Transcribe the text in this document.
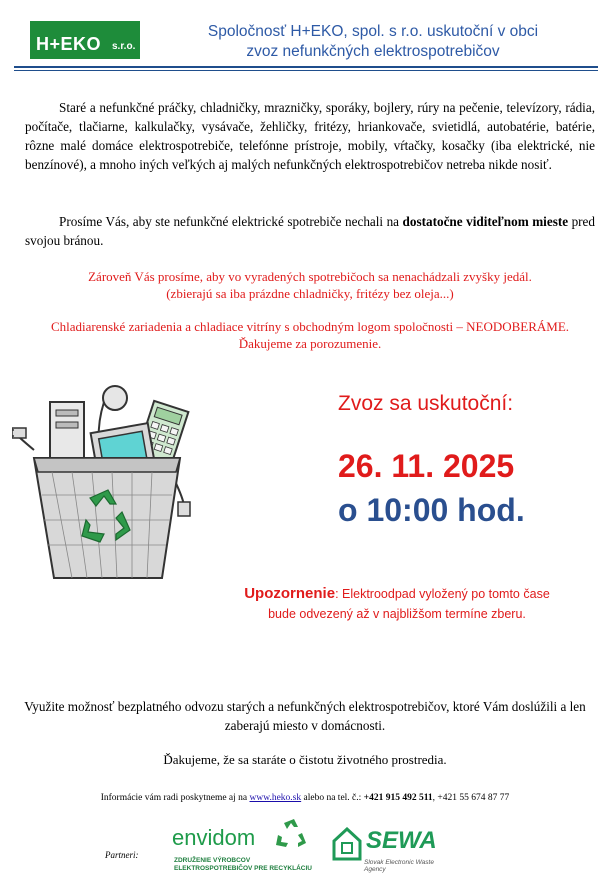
H+EKO s.r.o.
Spoločnosť H+EKO, spol. s r.o. uskutoční v obci
zvoz nefunkčných elektrospotrebičov
Staré a nefunkčné práčky, chladničky, mrazničky, sporáky, bojlery, rúry na pečenie, televízory, rádia, počítače, tlačiarne, kalkulačky, vysávače, žehličky, fritézy, hriankovače, svietidlá, autobatérie, batérie, rôzne malé domáce elektrospotrebiče, telefónne prístroje, mobily, vŕtačky, kosačky (iba elektrické, nie benzínové), a mnoho iných veľkých aj malých nefunkčných elektrospotrebičov netreba nikde nosiť.
Prosíme Vás, aby ste nefunkčné elektrické spotrebiče nechali na dostatočne viditeľnom mieste pred svojou bránou.
Zároveň Vás prosíme, aby vo vyradených spotrebičoch sa nenachádzali zvyšky jedál.
(zbierajú sa iba prázdne chladničky, fritézy bez oleja...)
Chladiarenské zariadenia a chladiace vitríny s obchodným logom spoločnosti – NEODOBERÁME.
Ďakujeme za porozumenie.
Zvoz sa uskutoční:
26. 11. 2025
o 10:00 hod.
Upozornenie: Elektroodpad vyložený po tomto čase
bude odvezený až v najbližšom termíne zberu.
Využite možnosť bezplatného odvozu starých a nefunkčných elektrospotrebičov, ktoré Vám doslúžili a len zaberajú miesto v domácnosti.
Ďakujeme, že sa staráte o čistotu životného prostredia.
Informácie vám radi poskytneme aj na www.heko.sk alebo na tel. č.: +421 915 492 511, +421 55 674 87 77
Partneri:
envidom
ZDRUŽENIE VÝROBCOV
ELEKTROSPOTREBIČOV PRE RECYKLÁCIU
SEWA
Slovak Electronic Waste Agency
